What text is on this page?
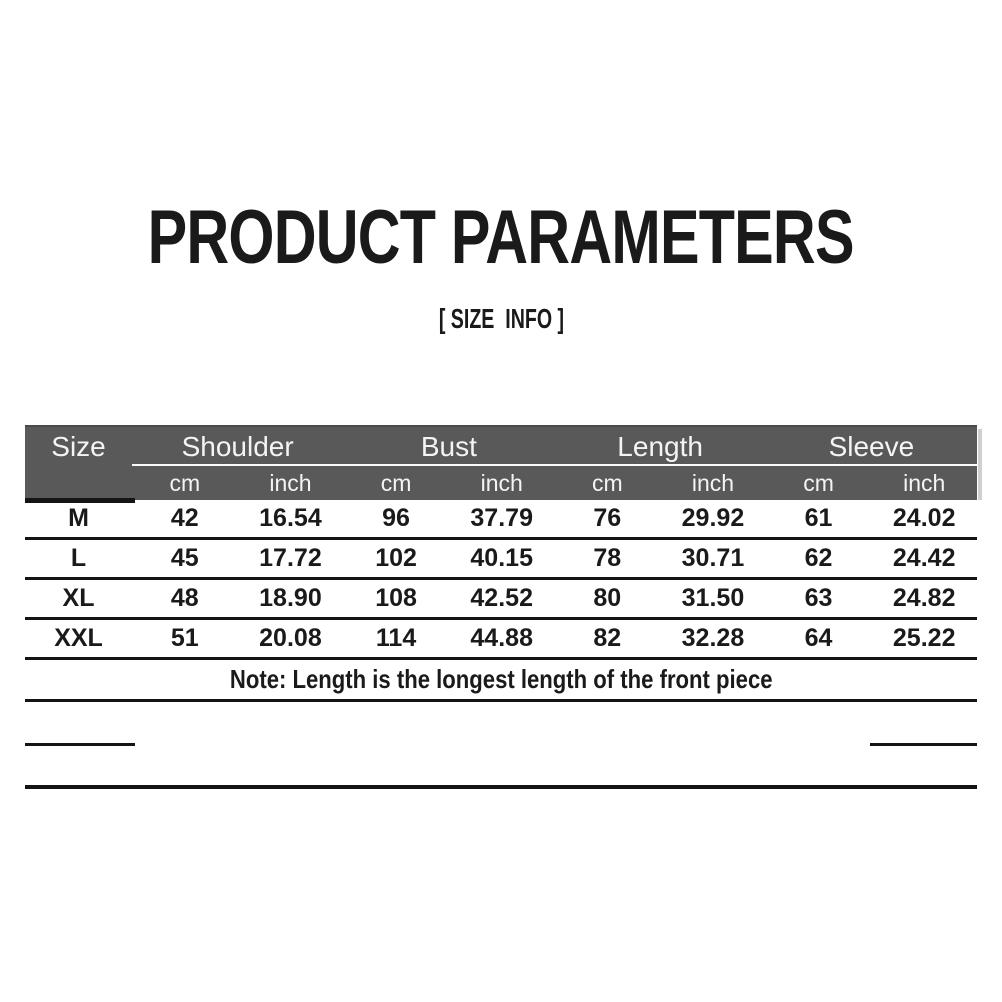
PRODUCT PARAMETERS
[ SIZE  INFO ]
Size	Shoulder	Bust	Length	Sleeve
cm	inch	cm	inch	cm	inch	cm	inch
M	42	16.54	96	37.79	76	29.92	61	24.02
L	45	17.72	102	40.15	78	30.71	62	24.42
XL	48	18.90	108	42.52	80	31.50	63	24.82
XXL	51	20.08	114	44.88	82	32.28	64	25.22
Note: Length is the longest length of the front piece
